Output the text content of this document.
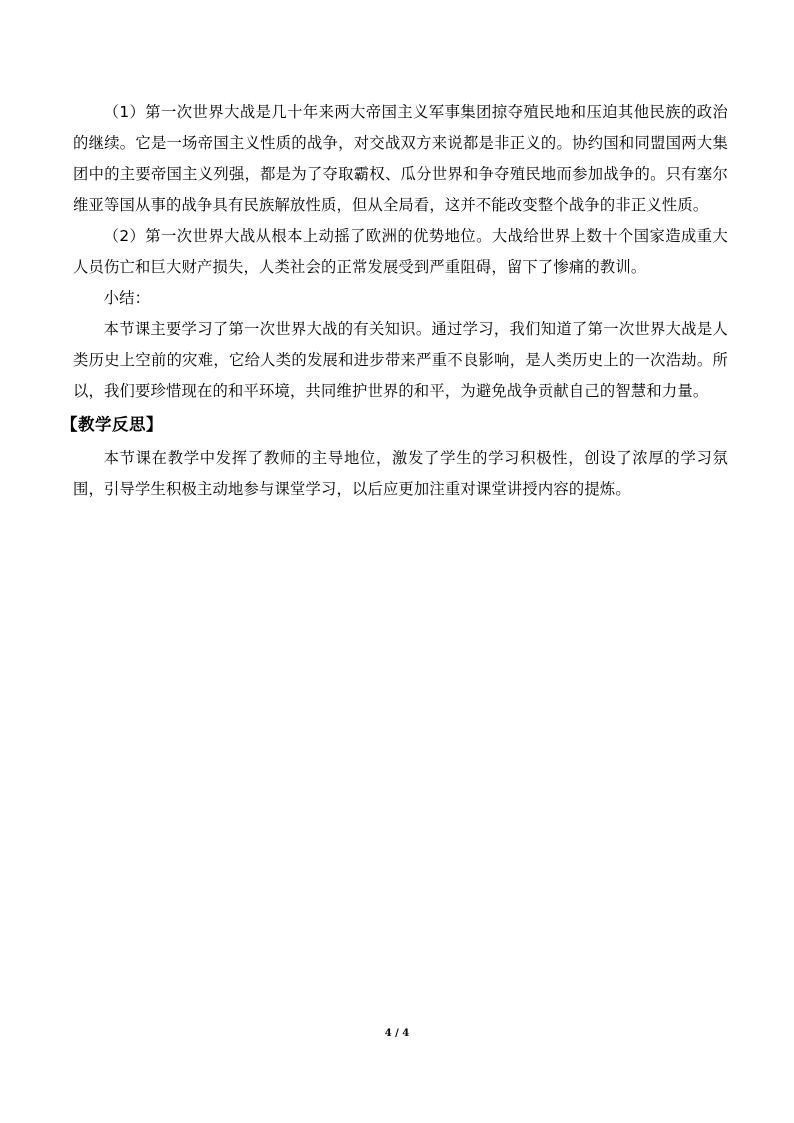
（1）第一次世界大战是几十年来两大帝国主义军事集团掠夺殖民地和压迫其他民族的政治的继续。它是一场帝国主义性质的战争，对交战双方来说都是非正义的。协约国和同盟国两大集团中的主要帝国主义列强，都是为了夺取霸权、瓜分世界和争夺殖民地而参加战争的。只有塞尔维亚等国从事的战争具有民族解放性质，但从全局看，这并不能改变整个战争的非正义性质。

（2）第一次世界大战从根本上动摇了欧洲的优势地位。大战给世界上数十个国家造成重大人员伤亡和巨大财产损失，人类社会的正常发展受到严重阻碍，留下了惨痛的教训。

小结：

本节课主要学习了第一次世界大战的有关知识。通过学习，我们知道了第一次世界大战是人类历史上空前的灾难，它给人类的发展和进步带来严重不良影响，是人类历史上的一次浩劫。所以，我们要珍惜现在的和平环境，共同维护世界的和平，为避免战争贡献自己的智慧和力量。

【教学反思】

本节课在教学中发挥了教师的主导地位，激发了学生的学习积极性，创设了浓厚的学习氛围，引导学生积极主动地参与课堂学习，以后应更加注重对课堂讲授内容的提炼。

4 / 4
